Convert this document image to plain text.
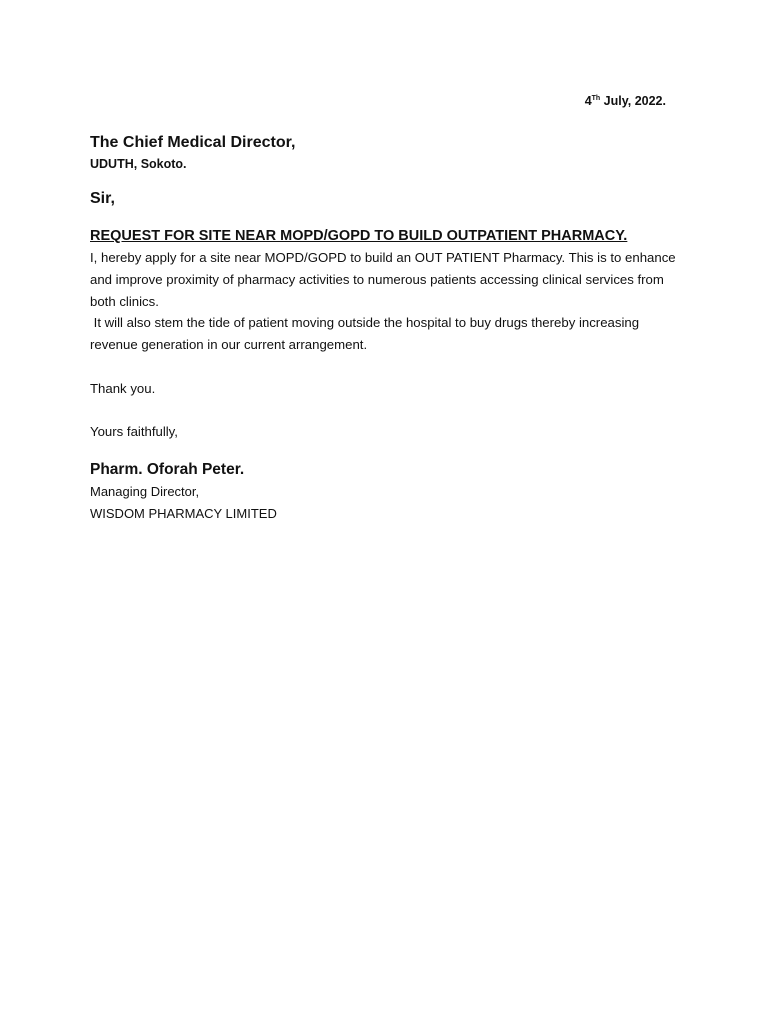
4Th July, 2022.

The Chief Medical Director,

UDUTH, Sokoto.

Sir,

REQUEST FOR SITE NEAR MOPD/GOPD TO BUILD OUTPATIENT PHARMACY.

I, hereby apply for a site near MOPD/GOPD to build an OUT PATIENT Pharmacy. This is to enhance and improve proximity of pharmacy activities to numerous patients accessing clinical services from both clinics.

It will also stem the tide of patient moving outside the hospital to buy drugs thereby increasing revenue generation in our current arrangement.

Thank you.

Yours faithfully,

Pharm. Oforah Peter.

Managing Director,

WISDOM PHARMACY LIMITED
